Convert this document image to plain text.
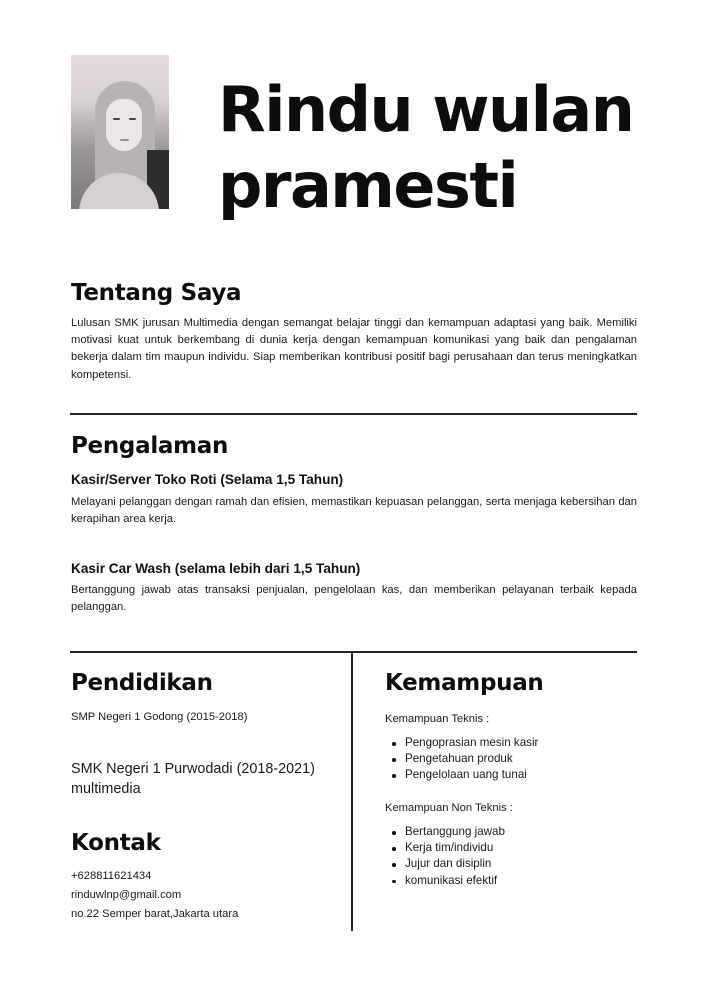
Rindu wulan
pramesti
Tentang Saya
Lulusan SMK jurusan Multimedia dengan semangat belajar tinggi dan kemampuan adaptasi yang baik. Memiliki motivasi kuat untuk berkembang di dunia kerja dengan kemampuan komunikasi yang baik dan pengalaman bekerja dalam tim maupun individu. Siap memberikan kontribusi positif bagi perusahaan dan terus meningkatkan kompetensi.
Pengalaman
Kasir/Server Toko Roti (Selama 1,5 Tahun)
Melayani pelanggan dengan ramah dan efisien, memastikan kepuasan pelanggan, serta menjaga kebersihan dan kerapihan area kerja.
Kasir Car Wash (selama lebih dari 1,5 Tahun)
Bertanggung jawab atas transaksi penjualan, pengelolaan kas, dan memberikan pelayanan terbaik kepada pelanggan.
Pendidikan
SMP Negeri 1 Godong (2015-2018)
SMK Negeri 1 Purwodadi (2018-2021)
multimedia
Kontak
+628811621434
rinduwlnp@gmail.com
no.22 Semper barat,Jakarta utara
Kemampuan
Kemampuan Teknis :
Pengoprasian mesin kasir
Pengetahuan produk
Pengelolaan uang tunai
Kemampuan Non Teknis :
Bertanggung jawab
Kerja tim/individu
Jujur dan disiplin
komunikasi efektif
